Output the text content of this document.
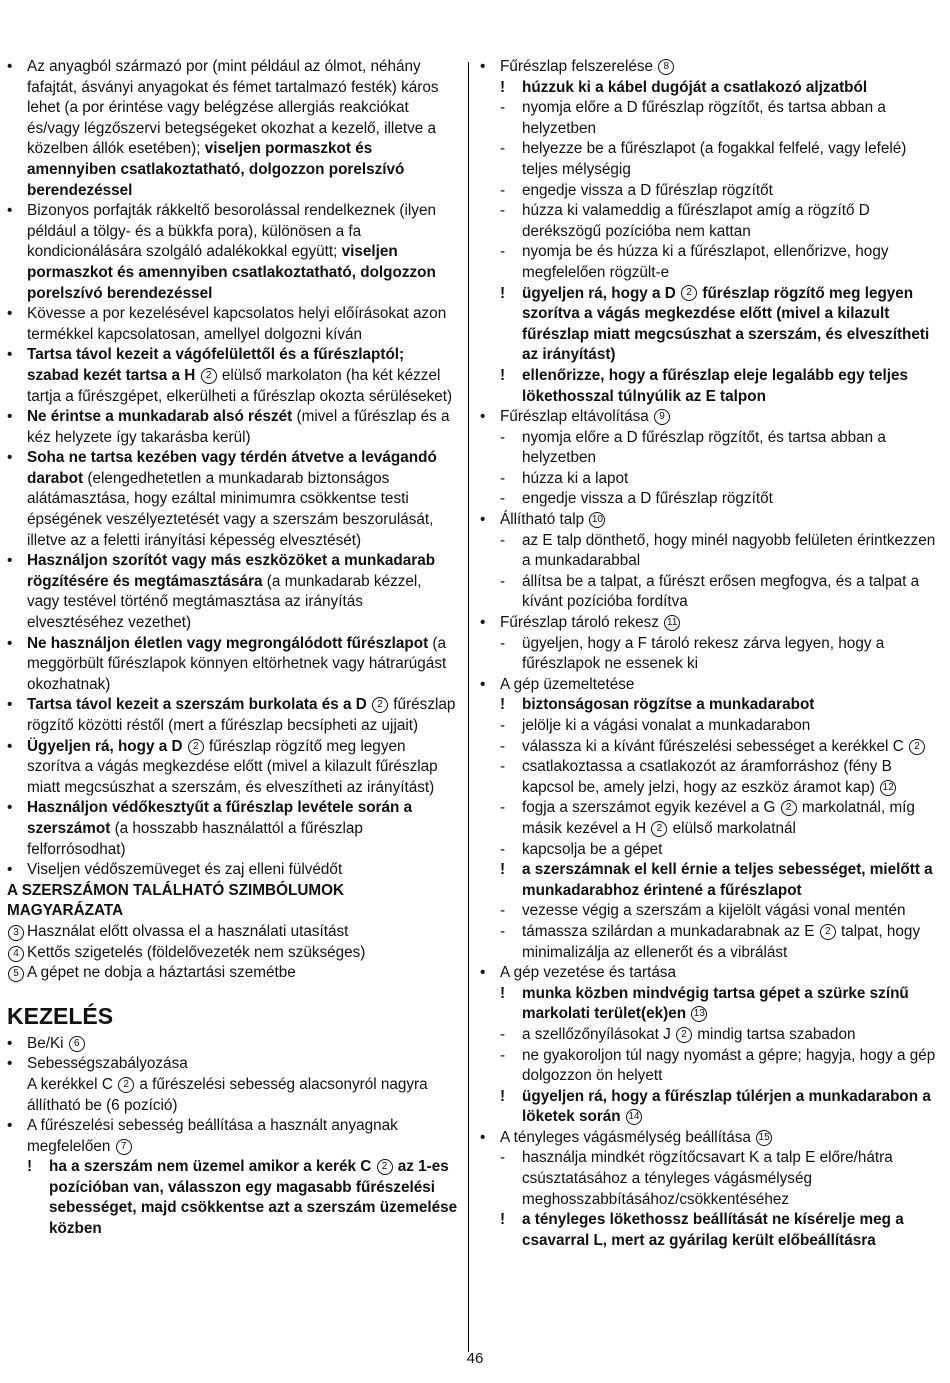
• Az anyagból származó por (mint például az ólmot, néhány fafajtát, ásványi anyagokat és fémet tartalmazó festék) káros lehet (a por érintése vagy belégzése allergiás reakciókat és/vagy légzőszervi betegségeket okozhat a kezelő, illetve a közelben állók esetében); viseljen pormaszkot és amennyiben csatlakoztatható, dolgozzon porelszívó berendezéssel
• Bizonyos porfajták rákkeltő besorolással rendelkeznek (ilyen például a tölgy- és a bükkfa pora), különösen a fa kondicionálására szolgáló adalékokkal együtt; viseljen pormaszkot és amennyiben csatlakoztatható, dolgozzon porelszívó berendezéssel
• Kövesse a por kezelésével kapcsolatos helyi előírásokat azon termékkel kapcsolatosan, amellyel dolgozni kíván
• Tartsa távol kezeit a vágófelülettől és a fűrészlaptól; szabad kezét tartsa a H 2 elülső markolaton (ha két kézzel tartja a fűrészgépet, elkerülheti a fűrészlap okozta sérüléseket)
• Ne érintse a munkadarab alsó részét (mivel a fűrészlap és a kéz helyzete így takarásba kerül)
• Soha ne tartsa kezében vagy térdén átvetve a levágandó darabot (elengedhetetlen a munkadarab biztonságos alátámasztása, hogy ezáltal minimumra csökkentse testi épségének veszélyeztetését vagy a szerszám beszorulását, illetve az a feletti irányítási képesség elvesztését)
• Használjon szorítót vagy más eszközöket a munkadarab rögzítésére és megtámasztására (a munkadarab kézzel, vagy testével történő megtámasztása az irányítás elvesztéséhez vezethet)
• Ne használjon életlen vagy megrongálódott fűrészlapot (a meggörbült fűrészlapok könnyen eltörhetnek vagy hátrarúgást okozhatnak)
• Tartsa távol kezeit a szerszám burkolata és a D 2 fűrészlap rögzítő közötti réstől (mert a fűrészlap becsípheti az ujjait)
• Ügyeljen rá, hogy a D 2 fűrészlap rögzítő meg legyen szorítva a vágás megkezdése előtt (mivel a kilazult fűrészlap miatt megcsúszhat a szerszám, és elveszítheti az irányítást)
• Használjon védőkesztyűt a fűrészlap levétele során a szerszámot (a hosszabb használattól a fűrészlap felforrósodhat)
• Viseljen védőszemüveget és zaj elleni fülvédőt
A SZERSZÁMON TALÁLHATÓ SZIMBÓLUMOK MAGYARÁZATA
3 Használat előtt olvassa el a használati utasítást
4 Kettős szigetelés (földelővezeték nem szükséges)
5 A gépet ne dobja a háztartási szemétbe
KEZELÉS
• Be/Ki 6
• Sebességszabályozása
A kerékkel C 2 a fűrészelési sebesség alacsonyról nagyra állítható be (6 pozíció)
• A fűrészelési sebesség beállítása a használt anyagnak megfelelően 7
!	ha a szerszám nem üzemel amikor a kerék C 2 az 1-es pozícióban van, válasszon egy magasabb fűrészelési sebességet, majd csökkentse azt a szerszám üzemelése közben
• Fűrészlap felszerelése 8
!	húzzuk ki a kábel dugóját a csatlakozó aljzatból
-	nyomja előre a D fűrészlap rögzítőt, és tartsa abban a helyzetben
-	helyezze be a fűrészlapot (a fogakkal felfelé, vagy lefelé) teljes mélységig
-	engedje vissza a D fűrészlap rögzítőt
-	húzza ki valameddig a fűrészlapot amíg a rögzítő D derékszögű pozícióba nem kattan
-	nyomja be és húzza ki a fűrészlapot, ellenőrizve, hogy megfelelően rögzült-e
!	ügyeljen rá, hogy a D 2 fűrészlap rögzítő meg legyen szorítva a vágás megkezdése előtt (mivel a kilazult fűrészlap miatt megcsúszhat a szerszám, és elveszítheti az irányítást)
!	ellenőrizze, hogy a fűrészlap eleje legalább egy teljes lökethosszal túlnyúlik az E talpon
• Fűrészlap eltávolítása 9
-	nyomja előre a D fűrészlap rögzítőt, és tartsa abban a helyzetben
-	húzza ki a lapot
-	engedje vissza a D fűrészlap rögzítőt
• Állítható talp 10
-	az E talp dönthető, hogy minél nagyobb felületen érintkezzen a munkadarabbal
-	állítsa be a talpat, a fűrészt erősen megfogva, és a talpat a kívánt pozícióba fordítva
• Fűrészlap tároló rekesz 11
-	ügyeljen, hogy a F tároló rekesz zárva legyen, hogy a fűrészlapok ne essenek ki
• A gép üzemeltetése
!	biztonságosan rögzítse a munkadarabot
-	jelölje ki a vágási vonalat a munkadarabon
-	válassza ki a kívánt fűrészelési sebességet a kerékkel C 2
-	csatlakoztassa a csatlakozót az áramforráshoz (fény B kapcsol be, amely jelzi, hogy az eszköz áramot kap) 12
-	fogja a szerszámot egyik kezével a G 2 markolatnál, míg másik kezével a H 2 elülső markolatnál
-	kapcsolja be a gépet
!	a szerszámnak el kell érnie a teljes sebességet, mielőtt a munkadarabhoz érintené a fűrészlapot
-	vezesse végig a szerszám a kijelölt vágási vonal mentén
-	támassza szilárdan a munkadarabnak az E 2 talpat, hogy minimalizálja az ellenerőt és a vibrálást
• A gép vezetése és tartása
!	munka közben mindvégig tartsa gépet a szürke színű markolati terület(ek)en 13
-	a szellőzőnyílásokat J 2 mindig tartsa szabadon
-	ne gyakoroljon túl nagy nyomást a gépre; hagyja, hogy a gép dolgozzon ön helyett
!	ügyeljen rá, hogy a fűrészlap túlérjen a munkadarabon a löketek során 14
• A tényleges vágásmélység beállítása 15
-	használja mindkét rögzítőcsavart K a talp E előre/hátra csúsztatásához a tényleges vágásmélység meghosszabbításához/csökkentéséhez
!	a tényleges lökethossz beállítását ne kísérelje meg a csavarral L, mert az gyárilag került előbeállításra
46
